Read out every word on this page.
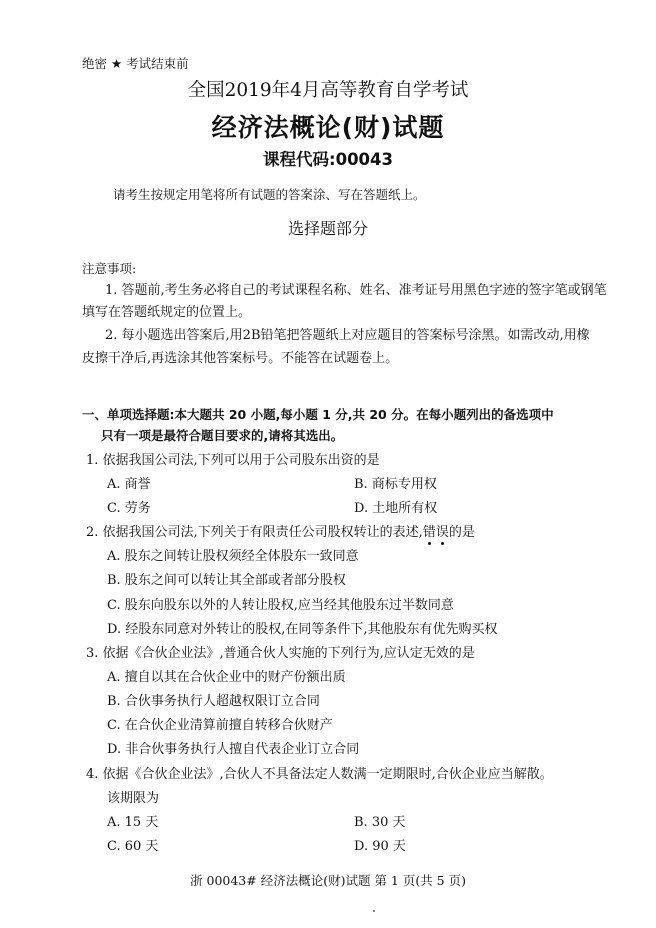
绝密 ★ 考试结束前
全国2019年4月高等教育自学考试
经济法概论(财)试题
课程代码:00043
请考生按规定用笔将所有试题的答案涂、写在答题纸上。
选择题部分
注意事项:
1. 答题前,考生务必将自己的考试课程名称、姓名、准考证号用黑色字迹的签字笔或钢笔
填写在答题纸规定的位置上。
2. 每小题选出答案后,用2B铅笔把答题纸上对应题目的答案标号涂黑。如需改动,用橡
皮擦干净后,再选涂其他答案标号。不能答在试题卷上。
一、单项选择题:本大题共 20 小题,每小题 1 分,共 20 分。在每小题列出的备选项中
只有一项是最符合题目要求的,请将其选出。
1. 依据我国公司法,下列可以用于公司股东出资的是
A. 商誉	B. 商标专用权
C. 劳务	D. 土地所有权
2. 依据我国公司法,下列关于有限责任公司股权转让的表述,错
误
的是
A. 股东之间转让股权须经全体股东一致同意
B. 股东之间可以转让其全部或者部分股权
C. 股东向股东以外的人转让股权,应当经其他股东过半数同意
D. 经股东同意对外转让的股权,在同等条件下,其他股东有优先购买权
3. 依据《合伙企业法》,普通合伙人实施的下列行为,应认定无效的是
A. 擅自以其在合伙企业中的财产份额出质
B. 合伙事务执行人超越权限订立合同
C. 在合伙企业清算前擅自转移合伙财产
D. 非合伙事务执行人擅自代表企业订立合同
4. 依据《合伙企业法》,合伙人不具备法定人数满一定期限时,合伙企业应当解散。
该期限为
A. 15 天	B. 30 天
C. 60 天	D. 90 天
浙 00043# 经济法概论(财)试题 第 1 页(共 5 页)
